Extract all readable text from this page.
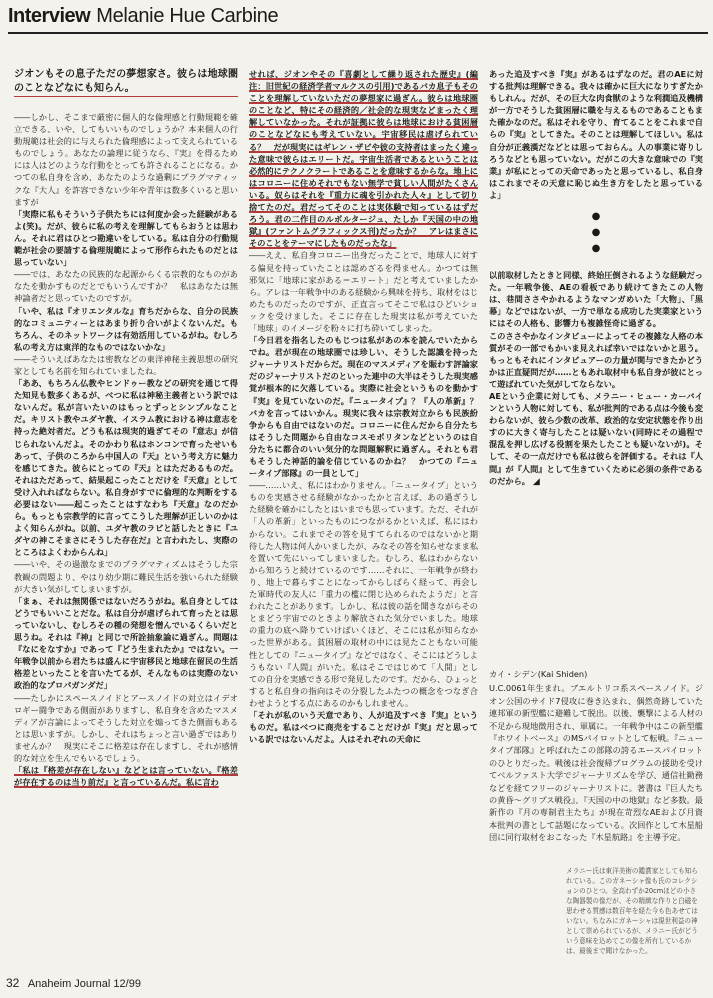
Interview Melanie Hue Carbine
ジオンもその息子ただの夢想家さ。彼らは地球圏のことなどなにも知らん。

――しかし、そこまで厳密に個人的な倫理感と行動規範を確立できる、いや、してもいいものでしょうか？本来個人の行動規範は社会的に与えられた倫理感によって支えられているものでしょう。あなたの論理に従うなら、『実』を得るためには人はどのような行動をとっても許されることになる。かつての私自身を含め、あなたのような過剰にプラグマティックな『大人』を許容できない少年や青年は数多くいると思いますが

「実際に私もそういう子供たちには何度か会った経験があるよ(笑)。だが、彼らに私の考えを理解してもらおうとは思わん。それに君はひとつ勘違いをしている。私は自分の行動規範が社会の要請する倫理規範によって形作られたものだとは思っていない」

――では、あなたの民族的な起源からくる宗教的なものがあなたを動かすものだとでもいうんですか？　私はあなたは無神論者だと思っていたのですが。

「いや、私は『オリエンタルな』育ちだからな、自分の民族的なコミュニティーとはあまり折り合いがよくないんだ。もちろん、そのネットワークは有効活用しているがね。むしろ私の考え方は東洋的なものではないかな」

――そういえばあなたは密教などの東洋神秘主義思想の研究家としても名前を知られていましたね。

「ああ、もちろん仏教やヒンドゥー教などの研究を通じて得た知見も数多くあるが、べつに私は神秘主義者という訳ではないんだ。私が言いたいのはもっとずっとシンプルなことだ。キリスト教やユダヤ教、イスラム教における神は意志を持った絶対者だ。どうも私は現実的過ぎてその『意志』が信じられないんだよ。そのかわり私はホンコンで育ったせいもあって、子供のころから中国人の『天』という考え方に魅力を感じてきた。彼らにとっての『天』とはただあるものだ。それはただあって、結果起こったことだけを『天意』として受け入れればならない。私自身がすでに倫理的な判断をする必要はない――起こったことはすなわち『天意』なのだから。もっとも宗教学的に言ってこうした理解が正しいのかはよく知らんがね。以前、ユダヤ教のラビと話したときに『ユダヤの神こそまさにそうした存在だ』と言われたし、実際のところはよくわからんね」

――いや、その過激なまでのプラグマティズムはそうした宗教観の問題より、やはり幼少期に難民生活を強いられた経験が大きい気がしてしまいますが。

「まぁ、それは無関係ではないだろうがね。私自身としてはどうでもいいことだな。私は自分が虐げられて育ったとは思っていないし、むしろその種の発想を憎んでいるくらいだと思うね。それは『神』と同じで所詮抽象論に過ぎん。問題は『なにをなすか』であって『どう生まれたか』ではない。一年戦争以前から君たちは盛んに宇宙移民と地球在留民の生活格差といったことを言いたてるが、そんなものは実際のない政治的なプロパガンダだ」

――たしかにスペースノイドとアースノイドの対立はイデオロギー闘争である側面がありますし、私自身を含めたマスメディアが言論によってそうした対立を煽ってきた側面もあるとは思いますが。しかし、それはちょっと言い過ぎではありませんか？　現実にそこに格差は存在しますし、それが感情的な対立を生んでもいるでしょう。

「私は『格差が存在しない』などとは言っていない。『格差が存在するのは当り前だ』と言っているんだ。私に言わ

せれば、ジオンやその『喜劇として繰り返された歴史』(編注：旧世紀の経済学者マルクスの引用)であるバカ息子もそのことを理解していないただの夢想家に過ぎん。彼らは地球圏のことなど、特にその経済的／社会的な現実などまったく理解していなかった。それが証拠に彼らは地球における貧困層のことなどなにも考えていない。宇宙移民は虐げられている？　だが現実にはギレン・ザビや彼の支持者はまったく違った意味で彼らはエリートだ。宇宙生活者であるということは必然的にテクノクラートであることを意味するからな。地上にはコロニーに住めそれでもない無学で貧しい人間がたくさんいる。奴らはそれを『重力に魂を引かれた人々』として切り捨てたのだ。君だってそのことは実体験で知っているはずだろう。君の二作目のルポルタージュ、たしか『天国の中の地獄』(ファントムグラフィックス刊)だったか？　アレはまさにそのことをテーマにしたものだったな」

――ええ、私自身コロニー出身だったことで、地球人に対する偏見を持っていたことは認めざるを得ません。かつては無邪気に「地球に家がある＝エリート」だと考えていましたから。アレは一年戦争中のある経験から興味を持ち、取材をはじめたものだったのですが、正直言ってそこで私はひどいショックを受けました。そこに存在した現実は私が考えていた「地球」のイメージを粉々に打ち砕いてしまった。

「今日君を指名したのもじつは私があの本を読んでいたからでね。君が現在の地球圏では珍しい、そうした認識を持ったジャーナリストだからだ。現在のマスメディアを賑わす評論家だのジャーナリストだのといった連中の大半はそうした現実感覚が根本的に欠落している。実際に社会というものを動かす『実』を見ていないのだ。『ニュータイプ』？『人の革新』？　バカを言ってはいかん。現実に我々は宗教対立からも民族紛争からも自由ではないのだ。コロニーに住んだから自分たちはそうした問題から自由なコスモポリタンなどというのは自分たちに都合のいい気分的な問題解釈に過ぎん。それとも君もそうした神話的論を信じているのかね？　かつての『ニュータイプ部隊』の一員として」

――……いえ、私にはわかりません。「ニュータイプ」というものを実感させる経験がなかったかと言えば、あの過ぎうした経験を確かにしたとはいまでも思っています。ただ、それが「人の革新」といったものにつながるかといえば、私にはわからない。これまでその答を見すてられるのではないかと期待した人物は何人かいましたが、みなその答を知らせなまま私を置いて先にいってしまいました。むしろ、私はわからないから知ろうと続けているのです……それに、一年戦争が終わり、地上で暮らすことになってからしばらく経って、再会した軍時代の友人に「重力の檻に閉じ込められたようだ」と言われたことがあります。しかし、私は彼の話を聞きながらそのとまどう宇宙でのときより解放された気分でいました。地球の重力の底へ降りていけばいくほど、そこには私が知らなかった世界がある。貧困層の取材の中には見たこともない可能性としての『ニュータイプ』などではなく、そこにはどうしようもない『人間』がいた。私はそこではじめて「人間」としての自分を実感できる形で発見したのです。だから、ひょっとすると私自身の指向はその分裂したふたつの概念をつなぎ合わせようとする点にあるのかもしれません。

「それが私のいう天意であり、人が追及すべき『実』というものだ。私はべつに商売をすることだけが『実』だと思っている訳ではないんだよ。人はそれぞれの天命に

あった追及すべき『実』があるはずなのだ。君のAEに対する批判は理解できる。我々は確かに巨大になりすぎたかもしれん。だが、その巨大な肉食獣のような利潤追及機構が一方でそうした貧困層に職を与えるものであることもまた確かなのだ。私はそれを守り、育てることをこれまで自らの『実』としてきた。そのことは理解してほしい。私は自分が正義漢だなどとは思っておらん。人の事業に寄りしろうなどとも思っていない。だがこの大きな意味での『実業』が私にとっての天命であったと思っているし、私自身はこれまでその天意に恥じぬ生き方をしたと思っているよ」

●
●
●

以前取材したときと同様、終始圧倒されるような経験だった。一年戦争後、AEの看板であり続けてきたこの人物は、巷間ささやかれるようなマンガめいた「大物」、「黒幕」などではないが、一方で単なる成功した実業家というにはその人格も、影響力も複雑怪奇に過ぎる。

このささやかなインタビューによってその複雑な人格の本質がその一部でもかいま見えれば幸いではないかと思う。もっともそれにインタビュアーの力量が関与できたかどうかは正直疑問だが……ともあれ取材中も私自身が彼にとって遊ばれていた気がしてならない。

AEという企業に対しても、メラニー・ヒュー・カーバインという人物に対しても、私が批判的である点は今後も変わらないが、彼ら少数の改革、政治的な安定状態を作り出すのに大きく寄与したことは疑いない(同時にその過程で混乱を押し広げる役割を果たしたことも疑いないが)。そして、その一点だけでも私は彼らを評価する。それは『人間』が『人間』として生きていくために必須の条件であるのだから。 ◢

カイ・シデン(Kai Shiden)
U.C.0061年生まれ。ブエルトリコ系スペースノイド。ジオン公国のサイド7侵攻に巻き込まれ、偶然奇跡していた連邦軍の新型艦に避難して脱出。以後、襲撃による人材の不足から現地徴用され、軍属に。一年戦争中はこの新型艦『ホワイトベース』のMSパイロットとして転戦。『ニュータイプ部隊』と呼ばれたこの部隊の誇るエースパイロットのひとりだった。戦後は社会復帰プログラムの援助を受けてベルファスト大学でジャーナリズムを学び、通信社勤務などを経てフリーのジャーナリストに。著書は『巨人たちの黄昏～グリプス戦役』、『天国の中の地獄』など多数。最新作の『月の専制君主たち』が現在苛烈なAEおよび月資本批判の書として話題になっている。次回作として木星船団に同行取材をおこなった『木星航路』を主導予定。
メラニー氏は東洋美術の鑑賞家としても知られている。このガネーシャ像も氏のコレクションのひとつ。全高わずか20cmほどの小さな陶器製の像だが、その精緻な作りと白磁を思わせる質感は数百年を経た今も色あせてはいない。ちなみにガネーシャは現世利益の神として崇められているが、メラニー氏がどういう意味を込めてこの像を所有しているかは、最後まで聞けなかった。
32 Anaheim Journal 12/99
